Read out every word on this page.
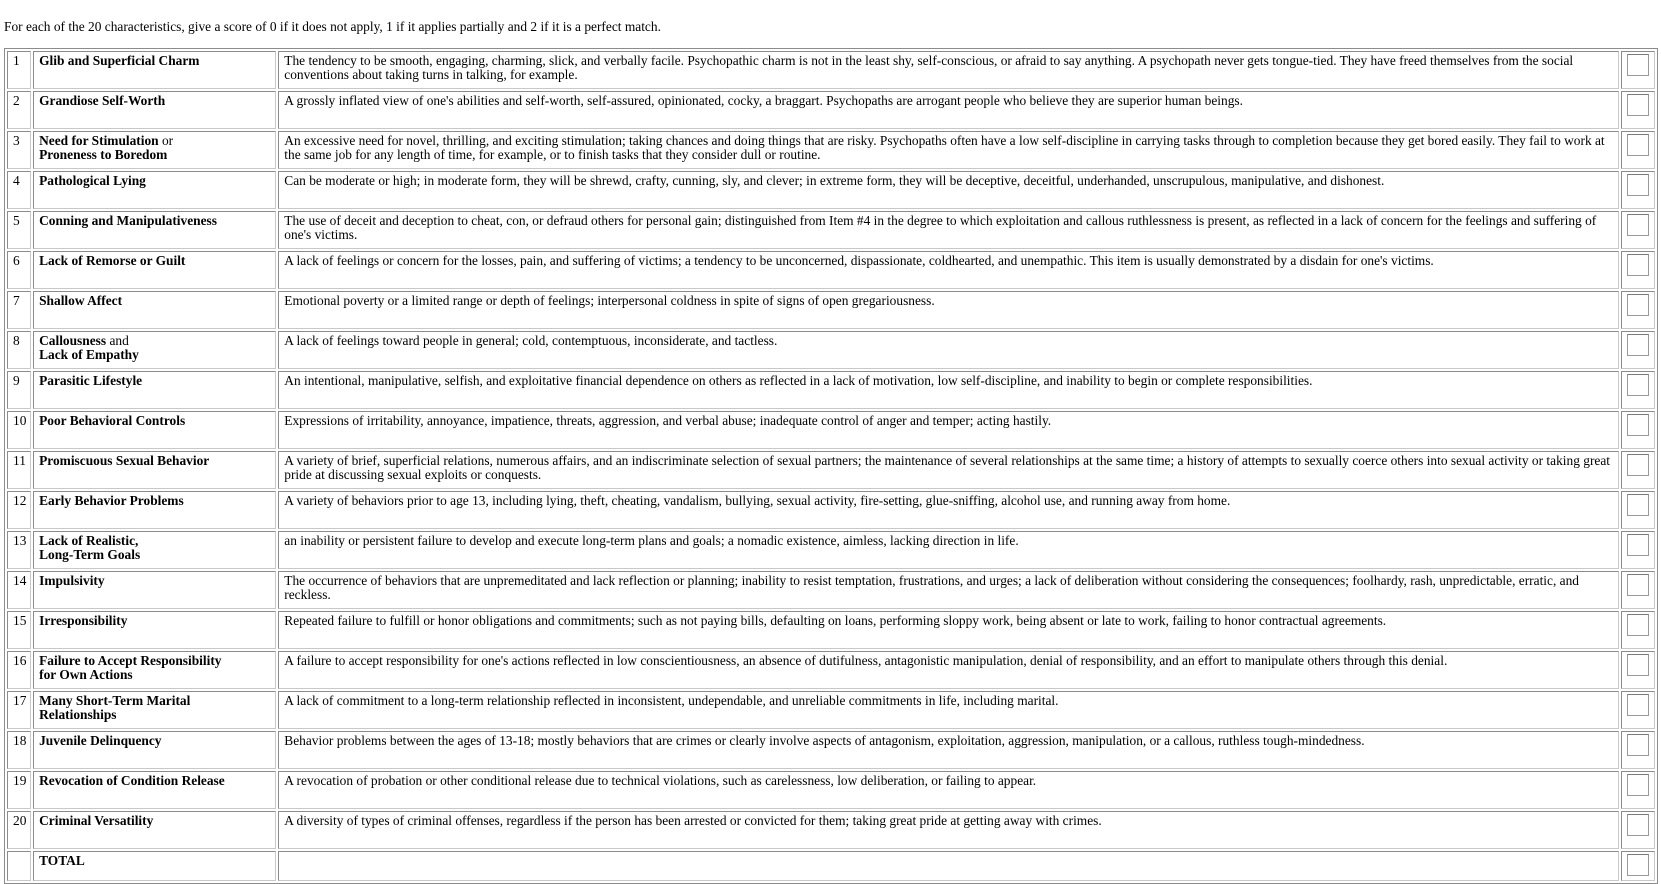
For each of the 20 characteristics, give a score of 0 if it does not apply, 1 if it applies partially and 2 if it is a perfect match.

1	Glib and Superficial Charm	The tendency to be smooth, engaging, charming, slick, and verbally facile. Psychopathic charm is not in the least shy, self-conscious, or afraid to say anything. A psychopath never gets tongue-tied. They have freed themselves from the social conventions about taking turns in talking, for example.	

2	Grandiose Self-Worth	A grossly inflated view of one's abilities and self-worth, self-assured, opinionated, cocky, a braggart. Psychopaths are arrogant people who believe they are superior human beings.	

3	Need for Stimulation or
Proneness to Boredom	An excessive need for novel, thrilling, and exciting stimulation; taking chances and doing things that are risky. Psychopaths often have a low self-discipline in carrying tasks through to completion because they get bored easily. They fail to work at the same job for any length of time, for example, or to finish tasks that they consider dull or routine.	

4	Pathological Lying	Can be moderate or high; in moderate form, they will be shrewd, crafty, cunning, sly, and clever; in extreme form, they will be deceptive, deceitful, underhanded, unscrupulous, manipulative, and dishonest.	

5	Conning and Manipulativeness	The use of deceit and deception to cheat, con, or defraud others for personal gain; distinguished from Item #4 in the degree to which exploitation and callous ruthlessness is present, as reflected in a lack of concern for the feelings and suffering of one's victims.	

6	Lack of Remorse or Guilt	A lack of feelings or concern for the losses, pain, and suffering of victims; a tendency to be unconcerned, dispassionate, coldhearted, and unempathic. This item is usually demonstrated by a disdain for one's victims.	

7	Shallow Affect	Emotional poverty or a limited range or depth of feelings; interpersonal coldness in spite of signs of open gregariousness.	

8	Callousness and
Lack of Empathy	A lack of feelings toward people in general; cold, contemptuous, inconsiderate, and tactless.	

9	Parasitic Lifestyle	An intentional, manipulative, selfish, and exploitative financial dependence on others as reflected in a lack of motivation, low self-discipline, and inability to begin or complete responsibilities.	

10	Poor Behavioral Controls	Expressions of irritability, annoyance, impatience, threats, aggression, and verbal abuse; inadequate control of anger and temper; acting hastily.	

11	Promiscuous Sexual Behavior	A variety of brief, superficial relations, numerous affairs, and an indiscriminate selection of sexual partners; the maintenance of several relationships at the same time; a history of attempts to sexually coerce others into sexual activity or taking great pride at discussing sexual exploits or conquests.	

12	Early Behavior Problems	A variety of behaviors prior to age 13, including lying, theft, cheating, vandalism, bullying, sexual activity, fire-setting, glue-sniffing, alcohol use, and running away from home.	

13	Lack of Realistic,
Long-Term Goals	an inability or persistent failure to develop and execute long-term plans and goals; a nomadic existence, aimless, lacking direction in life.	

14	Impulsivity	The occurrence of behaviors that are unpremeditated and lack reflection or planning; inability to resist temptation, frustrations, and urges; a lack of deliberation without considering the consequences; foolhardy, rash, unpredictable, erratic, and reckless.	

15	Irresponsibility	Repeated failure to fulfill or honor obligations and commitments; such as not paying bills, defaulting on loans, performing sloppy work, being absent or late to work, failing to honor contractual agreements.	

16	Failure to Accept Responsibility
for Own Actions	A failure to accept responsibility for one's actions reflected in low conscientiousness, an absence of dutifulness, antagonistic manipulation, denial of responsibility, and an effort to manipulate others through this denial.	

17	Many Short-Term Marital
Relationships	A lack of commitment to a long-term relationship reflected in inconsistent, undependable, and unreliable commitments in life, including marital.	

18	Juvenile Delinquency	Behavior problems between the ages of 13-18; mostly behaviors that are crimes or clearly involve aspects of antagonism, exploitation, aggression, manipulation, or a callous, ruthless tough-mindedness.	

19	Revocation of Condition Release	A revocation of probation or other conditional release due to technical violations, such as carelessness, low deliberation, or failing to appear.	

20	Criminal Versatility	A diversity of types of criminal offenses, regardless if the person has been arrested or convicted for them; taking great pride at getting away with crimes.	

	TOTAL		
